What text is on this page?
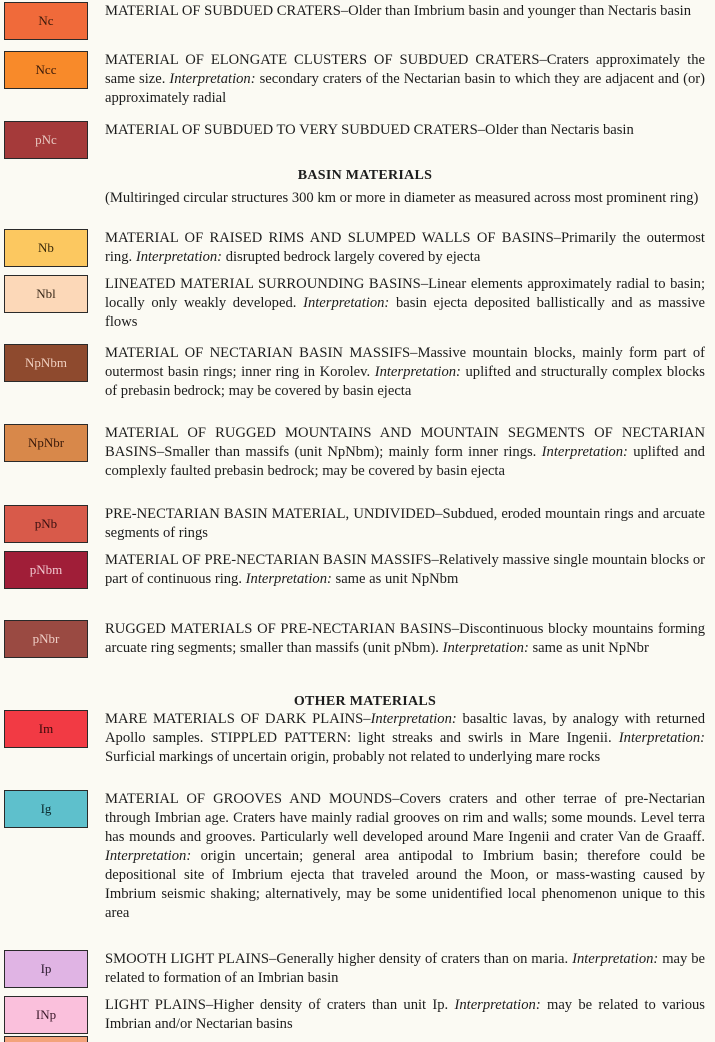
BASIN MATERIALS
(Multiringed circular structures 300 km or more in diameter as measured across most prominent ring)
OTHER MATERIALS
Nc
MATERIAL OF SUBDUED CRATERS–Older than Imbrium basin and younger than Nectaris basin
Ncc
MATERIAL OF ELONGATE CLUSTERS OF SUBDUED CRATERS–Craters approximately the same size. Interpretation: secondary craters of the Nectarian basin to which they are adjacent and (or) approximately radial
pNc
MATERIAL OF SUBDUED TO VERY SUBDUED CRATERS–Older than Nectaris basin
Nb
MATERIAL OF RAISED RIMS AND SLUMPED WALLS OF BASINS–Primarily the outermost ring. Interpretation: disrupted bedrock largely covered by ejecta
Nbl
LINEATED MATERIAL SURROUNDING BASINS–Linear elements approximately radial to basin; locally only weakly developed. Interpretation: basin ejecta deposited ballistically and as massive flows
NpNbm
MATERIAL OF NECTARIAN BASIN MASSIFS–Massive mountain blocks, mainly form part of outermost basin rings; inner ring in Korolev. Interpretation: uplifted and structurally complex blocks of prebasin bedrock; may be covered by basin ejecta
NpNbr
MATERIAL OF RUGGED MOUNTAINS AND MOUNTAIN SEGMENTS OF NECTARIAN BASINS–Smaller than massifs (unit NpNbm); mainly form inner rings. Interpretation: uplifted and complexly faulted prebasin bedrock; may be covered by basin ejecta
pNb
PRE-NECTARIAN BASIN MATERIAL, UNDIVIDED–Subdued, eroded mountain rings and arcuate segments of rings
pNbm
MATERIAL OF PRE-NECTARIAN BASIN MASSIFS–Relatively massive single mountain blocks or part of continuous ring. Interpretation: same as unit NpNbm
pNbr
RUGGED MATERIALS OF PRE-NECTARIAN BASINS–Discontinuous blocky mountains forming arcuate ring segments; smaller than massifs (unit pNbm). Interpretation: same as unit NpNbr
Im
MARE MATERIALS OF DARK PLAINS–Interpretation: basaltic lavas, by analogy with returned Apollo samples. STIPPLED PATTERN: light streaks and swirls in Mare Ingenii. Interpretation: Surficial markings of uncertain origin, probably not related to underlying mare rocks
Ig
MATERIAL OF GROOVES AND MOUNDS–Covers craters and other terrae of pre-Nectarian through Imbrian age. Craters have mainly radial grooves on rim and walls; some mounds. Level terra has mounds and grooves. Particularly well developed around Mare Ingenii and crater Van de Graaff. Interpretation: origin uncertain; general area antipodal to Imbrium basin; therefore could be depositional site of Imbrium ejecta that traveled around the Moon, or mass-wasting caused by Imbrium seismic shaking; alternatively, may be some unidentified local phenomenon unique to this area
Ip
SMOOTH LIGHT PLAINS–Generally higher density of craters than on maria. Interpretation: may be related to formation of an Imbrian basin
INp
LIGHT PLAINS–Higher density of craters than unit Ip. Interpretation: may be related to various Imbrian and/or Nectarian basins
